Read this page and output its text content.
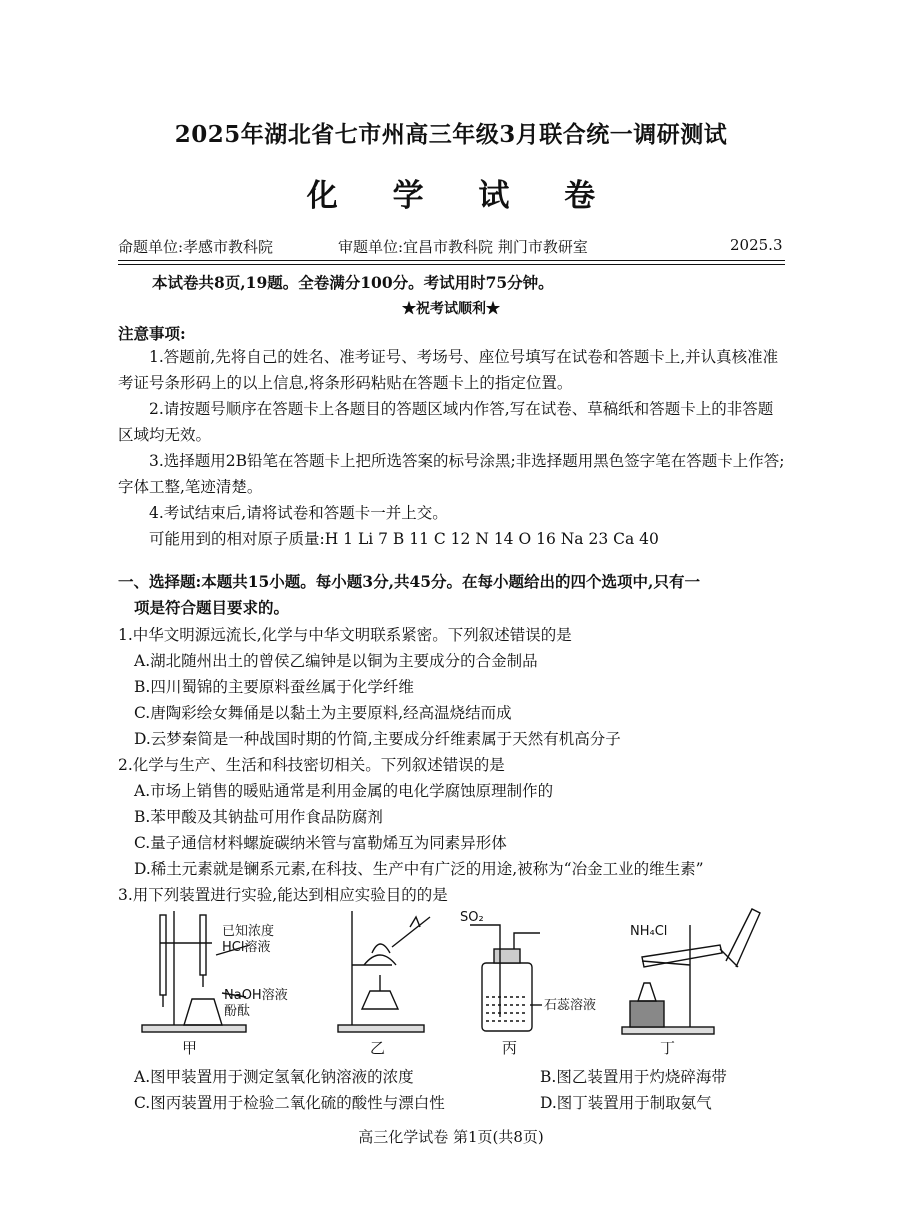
2025年湖北省七市州高三年级3月联合统一调研测试
化 学 试 卷
命题单位:孝感市教科院	审题单位:宜昌市教科院 荆门市教研室	2025.3
本试卷共8页,19题。全卷满分100分。考试用时75分钟。
★祝考试顺利★
注意事项:
1.答题前,先将自己的姓名、准考证号、考场号、座位号填写在试卷和答题卡上,并认真核准准考证号条形码上的以上信息,将条形码粘贴在答题卡上的指定位置。
2.请按题号顺序在答题卡上各题目的答题区域内作答,写在试卷、草稿纸和答题卡上的非答题区域均无效。
3.选择题用2B铅笔在答题卡上把所选答案的标号涂黑;非选择题用黑色签字笔在答题卡上作答;字体工整,笔迹清楚。
4.考试结束后,请将试卷和答题卡一并上交。
可能用到的相对原子质量:H 1 Li 7 B 11 C 12 N 14 O 16 Na 23 Ca 40
一、选择题:本题共15小题。每小题3分,共45分。在每小题给出的四个选项中,只有一
项是符合题目要求的。
1.中华文明源远流长,化学与中华文明联系紧密。下列叙述错误的是
A.湖北随州出土的曾侯乙编钟是以铜为主要成分的合金制品
B.四川蜀锦的主要原料蚕丝属于化学纤维
C.唐陶彩绘女舞俑是以黏土为主要原料,经高温烧结而成
D.云梦秦简是一种战国时期的竹简,主要成分纤维素属于天然有机高分子
2.化学与生产、生活和科技密切相关。下列叙述错误的是
A.市场上销售的暖贴通常是利用金属的电化学腐蚀原理制作的
B.苯甲酸及其钠盐可用作食品防腐剂
C.量子通信材料螺旋碳纳米管与富勒烯互为同素异形体
D.稀土元素就是镧系元素,在科技、生产中有广泛的用途,被称为“冶金工业的维生素”
3.用下列装置进行实验,能达到相应实验目的的是
已知浓度
HCl溶液
NaOH溶液
酚酞
SO₂
石蕊溶液
NH₄Cl
甲	乙	丙	丁
A.图甲装置用于测定氢氧化钠溶液的浓度	B.图乙装置用于灼烧碎海带
C.图丙装置用于检验二氧化硫的酸性与漂白性	D.图丁装置用于制取氨气
高三化学试卷 第1页(共8页)
